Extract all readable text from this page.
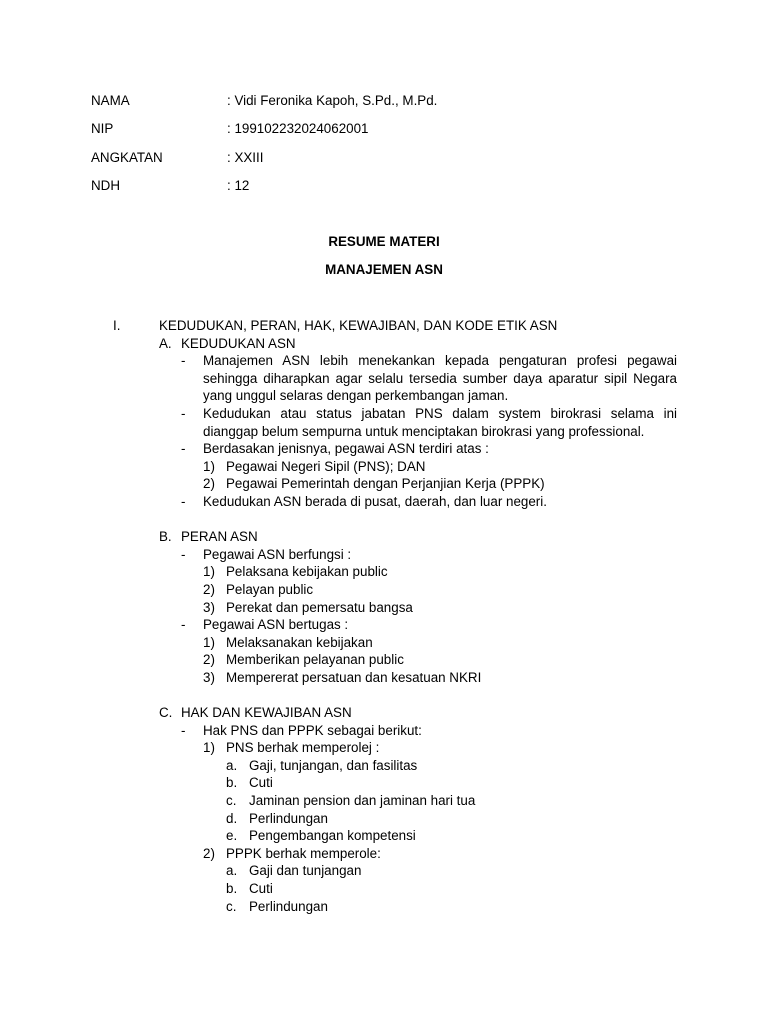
NAMA	: Vidi Feronika Kapoh, S.Pd., M.Pd.
NIP	: 199102232024062001
ANGKATAN	: XXIII
NDH	: 12
RESUME MATERI
MANAJEMEN ASN
I.	KEDUDUKAN, PERAN, HAK, KEWAJIBAN, DAN KODE ETIK ASN
A. KEDUDUKAN ASN
- Manajemen ASN lebih menekankan kepada pengaturan profesi pegawai
sehingga diharapkan agar selalu tersedia sumber daya aparatur sipil Negara
yang unggul selaras dengan perkembangan jaman.
- Kedudukan atau status jabatan PNS dalam system birokrasi selama ini
dianggap belum sempurna untuk menciptakan birokrasi yang professional.
- Berdasakan jenisnya, pegawai ASN terdiri atas :
1) Pegawai Negeri Sipil (PNS); DAN
2) Pegawai Pemerintah dengan Perjanjian Kerja (PPPK)
- Kedudukan ASN berada di pusat, daerah, dan luar negeri.
B. PERAN ASN
- Pegawai ASN berfungsi :
1) Pelaksana kebijakan public
2) Pelayan public
3) Perekat dan pemersatu bangsa
- Pegawai ASN bertugas :
1) Melaksanakan kebijakan
2) Memberikan pelayanan public
3) Mempererat persatuan dan kesatuan NKRI
C. HAK DAN KEWAJIBAN ASN
- Hak PNS dan PPPK sebagai berikut:
1) PNS berhak memperolej :
a. Gaji, tunjangan, dan fasilitas
b. Cuti
c. Jaminan pension dan jaminan hari tua
d. Perlindungan
e. Pengembangan kompetensi
2) PPPK berhak memperole:
a. Gaji dan tunjangan
b. Cuti
c. Perlindungan
